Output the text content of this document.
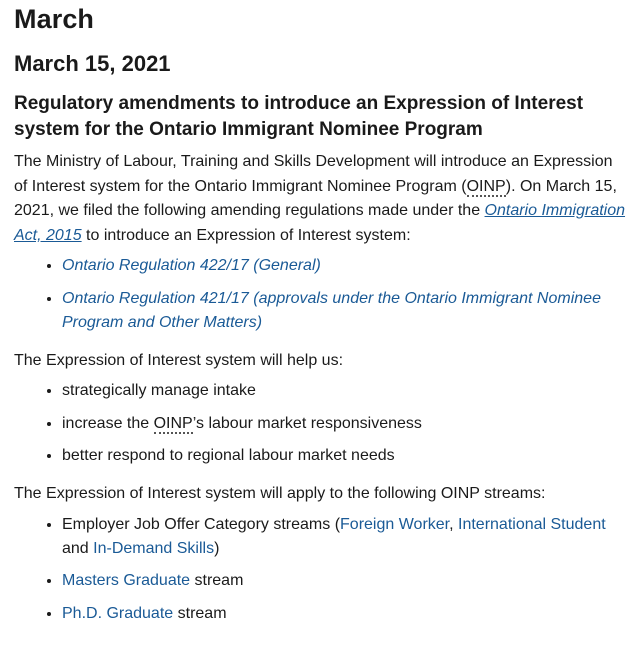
March
March 15, 2021
Regulatory amendments to introduce an Expression of Interest system for the Ontario Immigrant Nominee Program

The Ministry of Labour, Training and Skills Development will introduce an Expression of Interest system for the Ontario Immigrant Nominee Program (OINP). On March 15, 2021, we filed the following amending regulations made under the Ontario Immigration Act, 2015 to introduce an Expression of Interest system:

• Ontario Regulation 422/17 (General)
• Ontario Regulation 421/17 (approvals under the Ontario Immigrant Nominee Program and Other Matters)

The Expression of Interest system will help us:

• strategically manage intake
• increase the OINP’s labour market responsiveness
• better respond to regional labour market needs

The Expression of Interest system will apply to the following OINP streams:

• Employer Job Offer Category streams (Foreign Worker, International Student and In-Demand Skills)
• Masters Graduate stream
• Ph.D. Graduate stream
